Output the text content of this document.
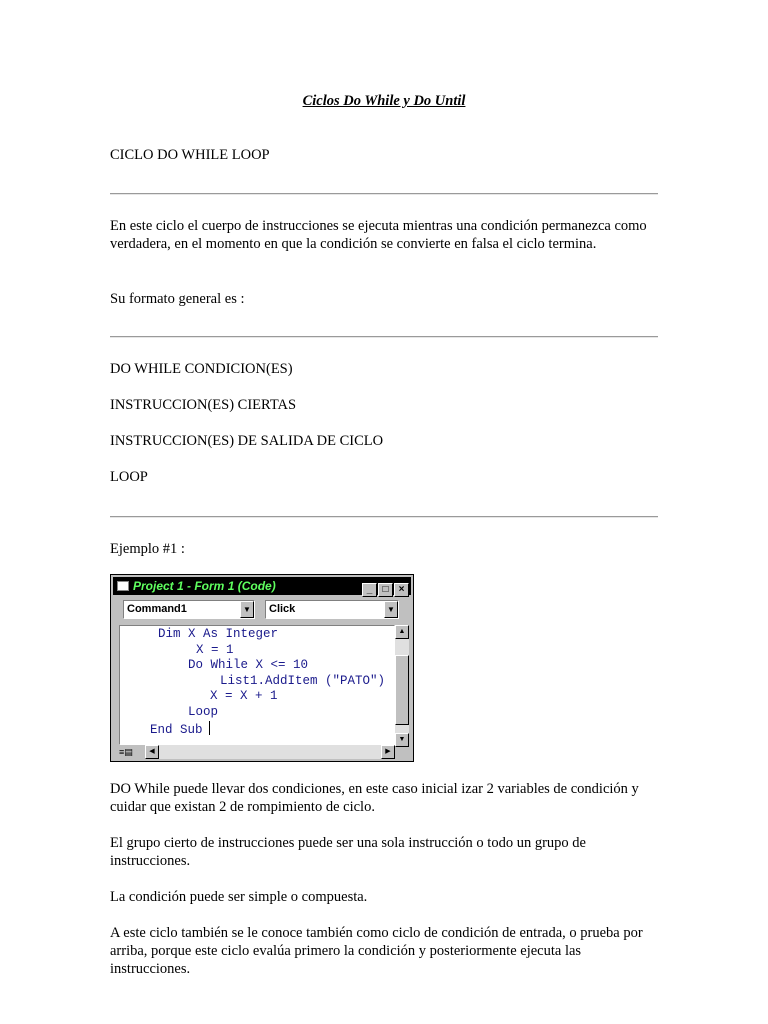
Ciclos Do While y Do Until

CICLO DO WHILE LOOP

En este ciclo el cuerpo de instrucciones se ejecuta mientras una condición permanezca como verdadera, en el momento en que la condición se convierte en falsa el ciclo termina.

Su formato general es :

DO WHILE CONDICION(ES)

INSTRUCCION(ES) CIERTAS

INSTRUCCION(ES) DE SALIDA DE CICLO

LOOP

Ejemplo #1 :

Project 1 - Form 1 (Code)	_ □ ×
Command1	▼	Click	▼

Dim X As Integer

X = 1

Do While X <= 10

List1.AddItem ("PATO")

X = X + 1

Loop

End Sub

▲
▼
≡▤	◀	▶

DO While puede llevar dos condiciones, en este caso inicial izar 2 variables de condición y cuidar que existan 2 de rompimiento de ciclo.

El grupo cierto de instrucciones puede ser una sola instrucción o todo un grupo de instrucciones.

La condición puede ser simple o compuesta.

A este ciclo también se le conoce también como ciclo de condición de entrada, o prueba por arriba, porque este ciclo evalúa primero la condición y posteriormente ejecuta las instrucciones.
